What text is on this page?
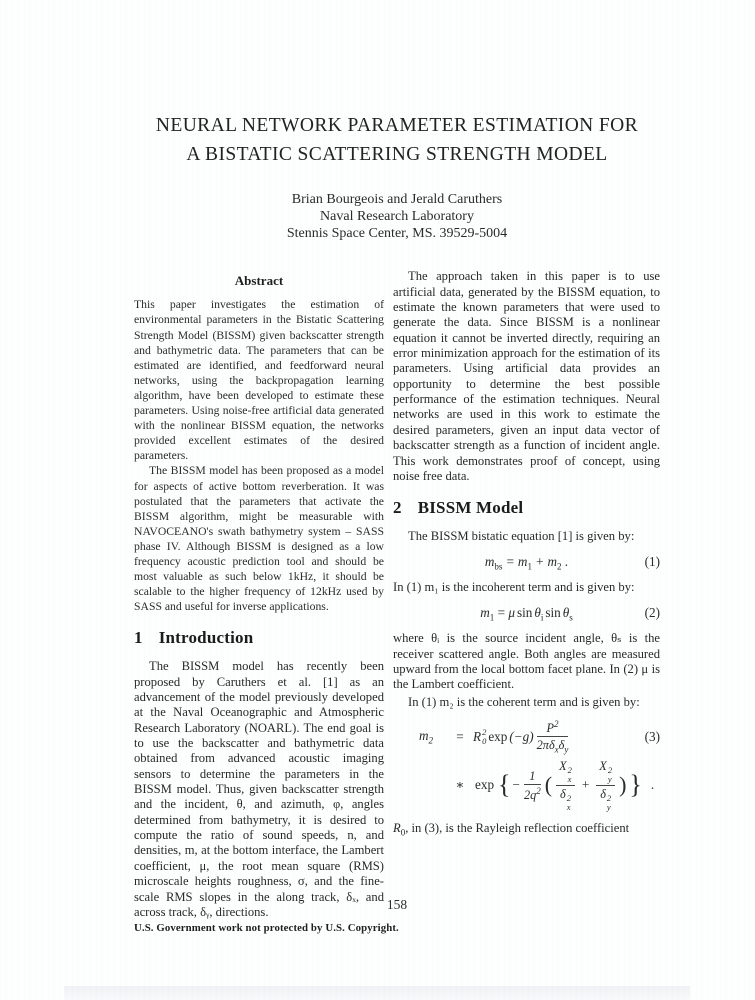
NEURAL NETWORK PARAMETER ESTIMATION FOR
A BISTATIC SCATTERING STRENGTH MODEL
Brian Bourgeois and Jerald Caruthers
Naval Research Laboratory
Stennis Space Center, MS. 39529-5004
Abstract

This paper investigates the estimation of environmental parameters in the Bistatic Scattering Strength Model (BISSM) given backscatter strength and bathymetric data. The parameters that can be estimated are identified, and feedforward neural networks, using the backpropagation learning algorithm, have been developed to estimate these parameters. Using noise-free artificial data generated with the nonlinear BISSM equation, the networks provided excellent estimates of the desired parameters.

The BISSM model has been proposed as a model for aspects of active bottom reverberation. It was postulated that the parameters that activate the BISSM algorithm, might be measurable with NAVOCEANO's swath bathymetry system – SASS phase IV. Although BISSM is designed as a low frequency acoustic prediction tool and should be most valuable as such below 1kHz, it should be scalable to the higher frequency of 12kHz used by SASS and useful for inverse applications.

1 Introduction

The BISSM model has recently been proposed by Caruthers et al. [1] as an advancement of the model previously developed at the Naval Oceanographic and Atmospheric Research Laboratory (NOARL). The end goal is to use the backscatter and bathymetric data obtained from advanced acoustic imaging sensors to determine the parameters in the BISSM model. Thus, given backscatter strength and the incident, θ, and azimuth, φ, angles determined from bathymetry, it is desired to compute the ratio of sound speeds, n, and densities, m, at the bottom interface, the Lambert coefficient, μ, the root mean square (RMS) microscale heights roughness, σ, and the fine-scale RMS slopes in the along track, δₓ, and across track, δᵧ, directions.

The approach taken in this paper is to use artificial data, generated by the BISSM equation, to estimate the known parameters that were used to generate the data. Since BISSM is a nonlinear equation it cannot be inverted directly, requiring an error minimization approach for the estimation of its parameters. Using artificial data provides an opportunity to determine the best possible performance of the estimation techniques. Neural networks are used in this work to estimate the desired parameters, given an input data vector of backscatter strength as a function of incident angle. This work demonstrates proof of concept, using noise free data.

2 BISSM Model

The BISSM bistatic equation [1] is given by:

$m_{bs} = m_1 + m_2$ .	(1)

In (1) m₁ is the incoherent term and is given by:

$m_1 = \mu$ $\sin \theta_i$ $\sin \theta_s$	(2)

where θᵢ is the source incident angle, θₛ is the receiver scattered angle. Both angles are measured upward from the local bottom facet plane. In (2) μ is the Lambert coefficient.

In (1) m₂ is the coherent term and is given by:

$m_2$	= R 2
0 $\exp (-g) \frac{P^2}{2\pi\delta_x\delta_y}$	(3)
∗ exp { − $\frac{1}{2q^2}$ ( X 2
x
δ 2
x + X 2
y
δ 2
y ) } .

$R_0$, in (3), is the Rayleigh reflection coefficient

158
U.S. Government work not protected by U.S. Copyright.
